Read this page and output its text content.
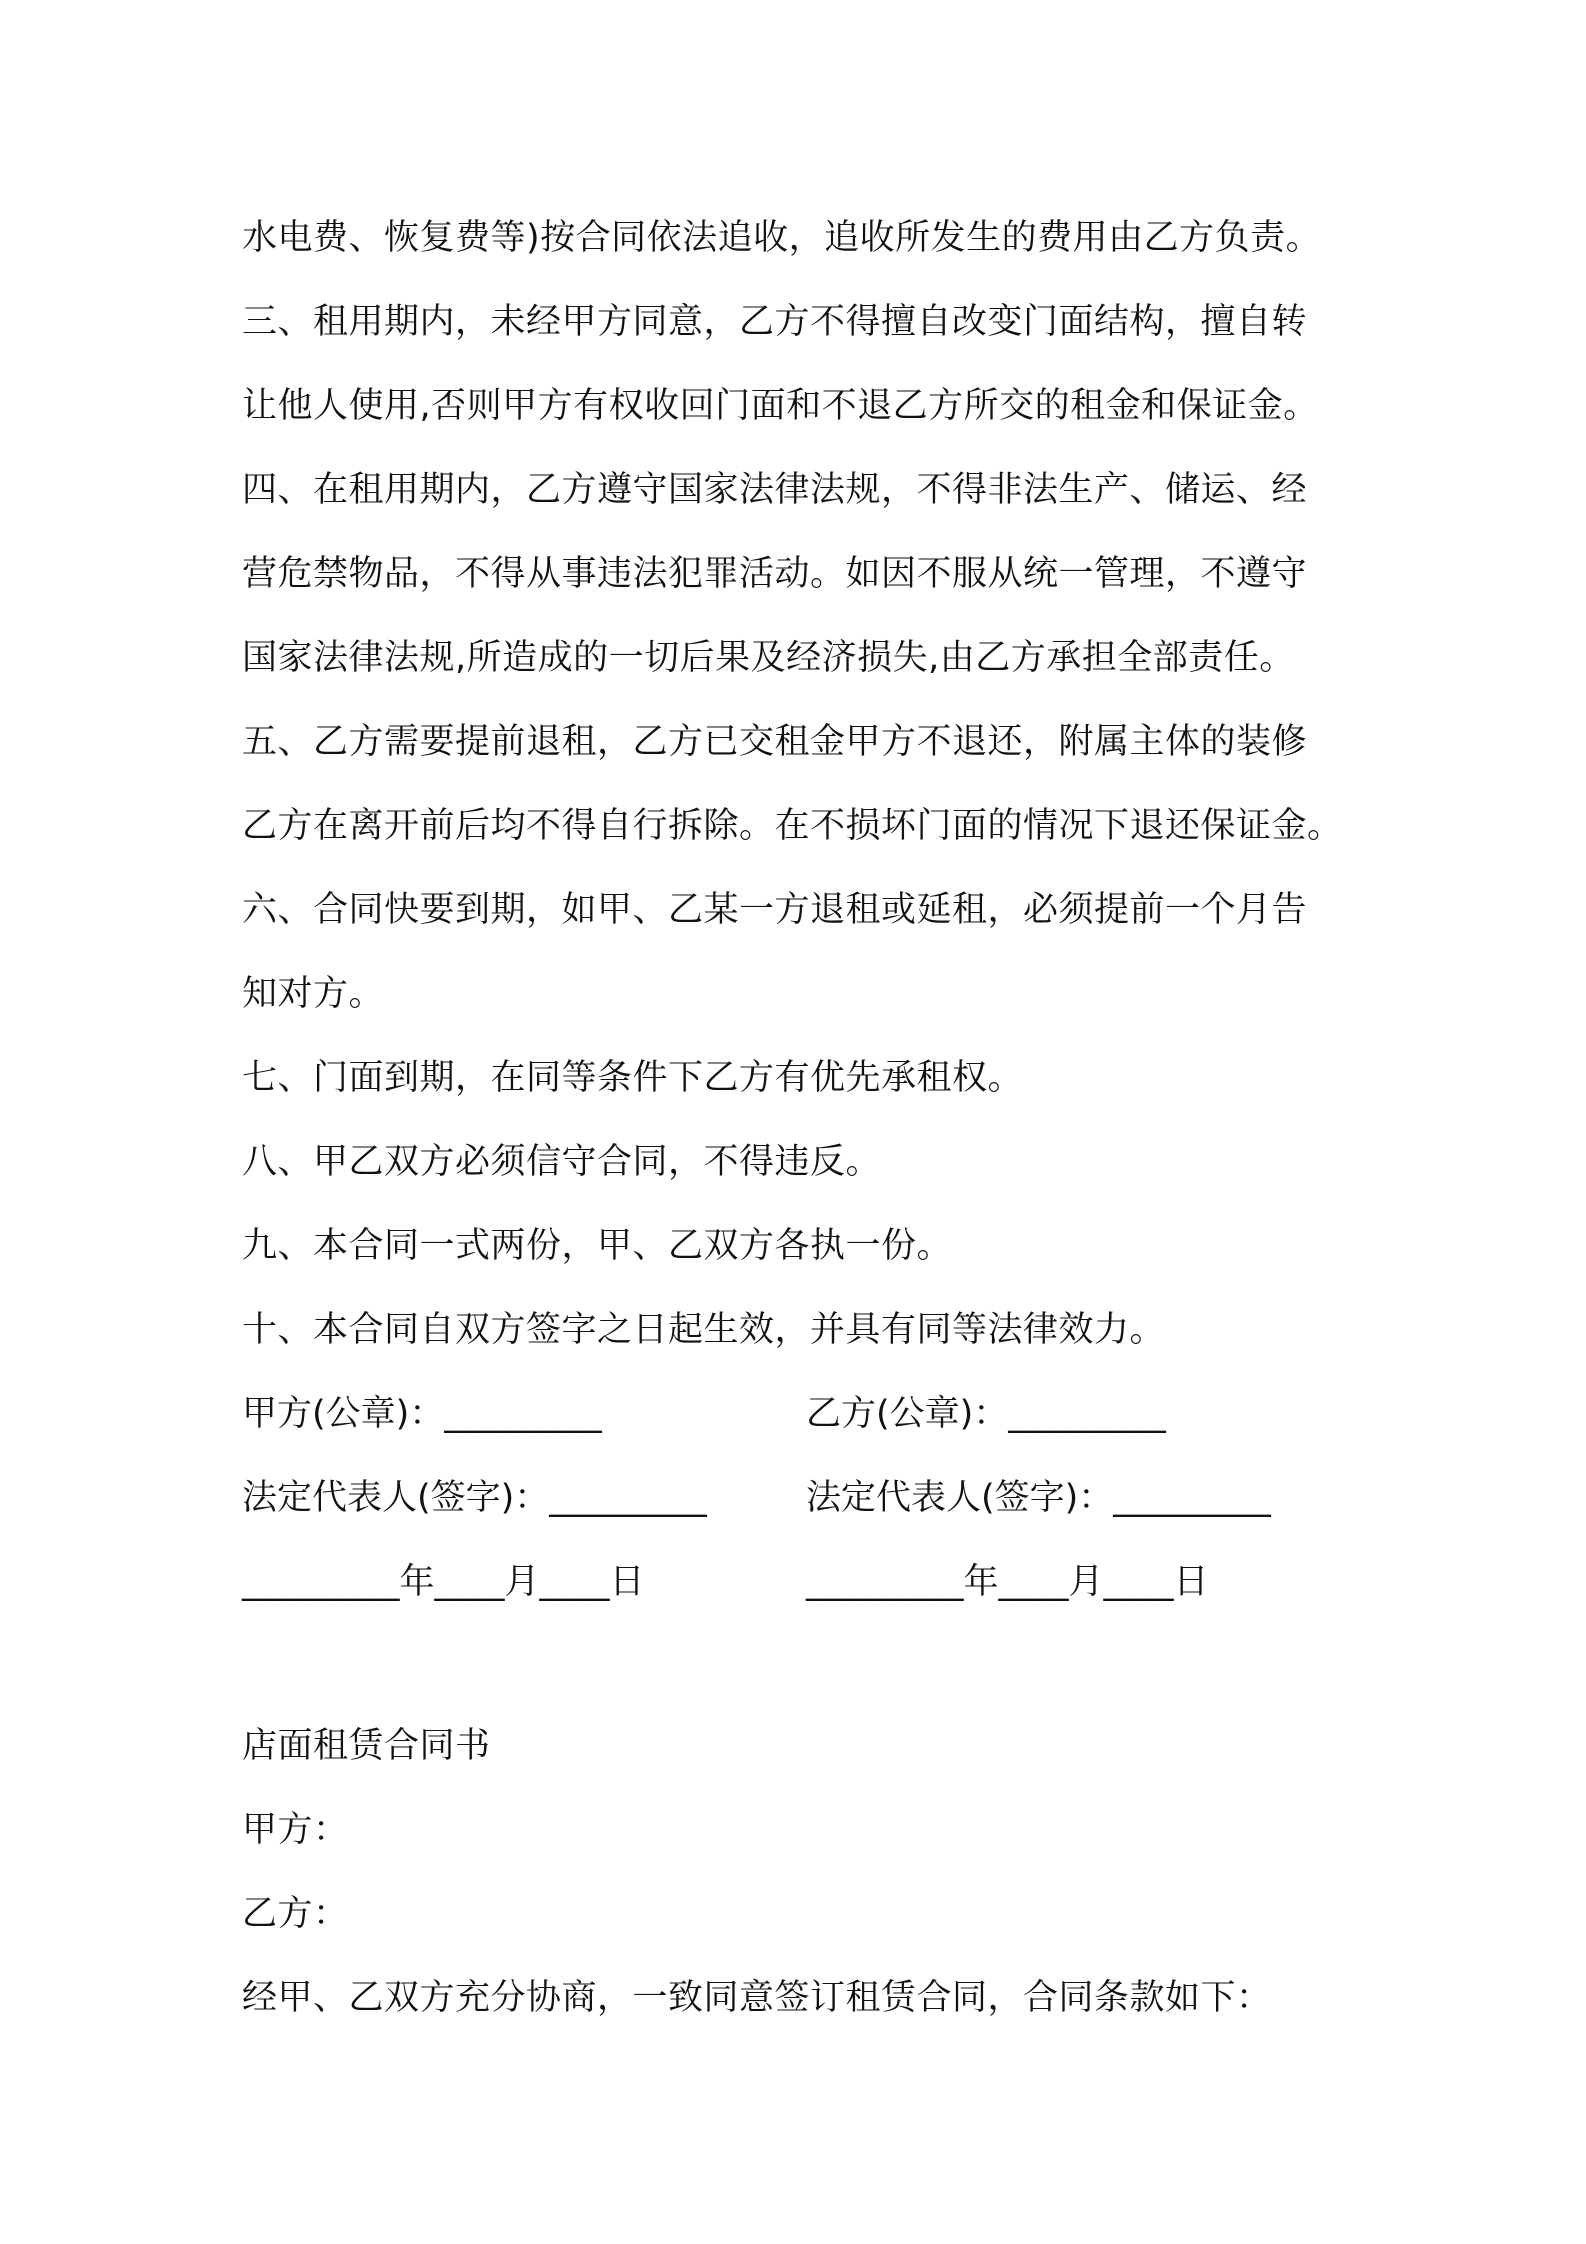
水电费、恢复费等)按合同依法追收，追收所发生的费用由乙方负责。
三、租用期内，未经甲方同意，乙方不得擅自改变门面结构，擅自转
让他人使用,否则甲方有权收回门面和不退乙方所交的租金和保证金。
四、在租用期内，乙方遵守国家法律法规，不得非法生产、储运、经
营危禁物品，不得从事违法犯罪活动。如因不服从统一管理，不遵守
国家法律法规,所造成的一切后果及经济损失,由乙方承担全部责任。
五、乙方需要提前退租，乙方已交租金甲方不退还，附属主体的装修
乙方在离开前后均不得自行拆除。在不损坏门面的情况下退还保证金。
六、合同快要到期，如甲、乙某一方退租或延租，必须提前一个月告
知对方。
七、门面到期，在同等条件下乙方有优先承租权。
八、甲乙双方必须信守合同，不得违反。
九、本合同一式两份，甲、乙双方各执一份。
十、本合同自双方签字之日起生效，并具有同等法律效力。
甲方(公章)：_________	乙方(公章)：_________
法定代表人(签字)：_________	法定代表人(签字)：_________
_________年____月____日	_________年____月____日
店面租赁合同书
甲方：
乙方：
经甲、乙双方充分协商，一致同意签订租赁合同，合同条款如下：
